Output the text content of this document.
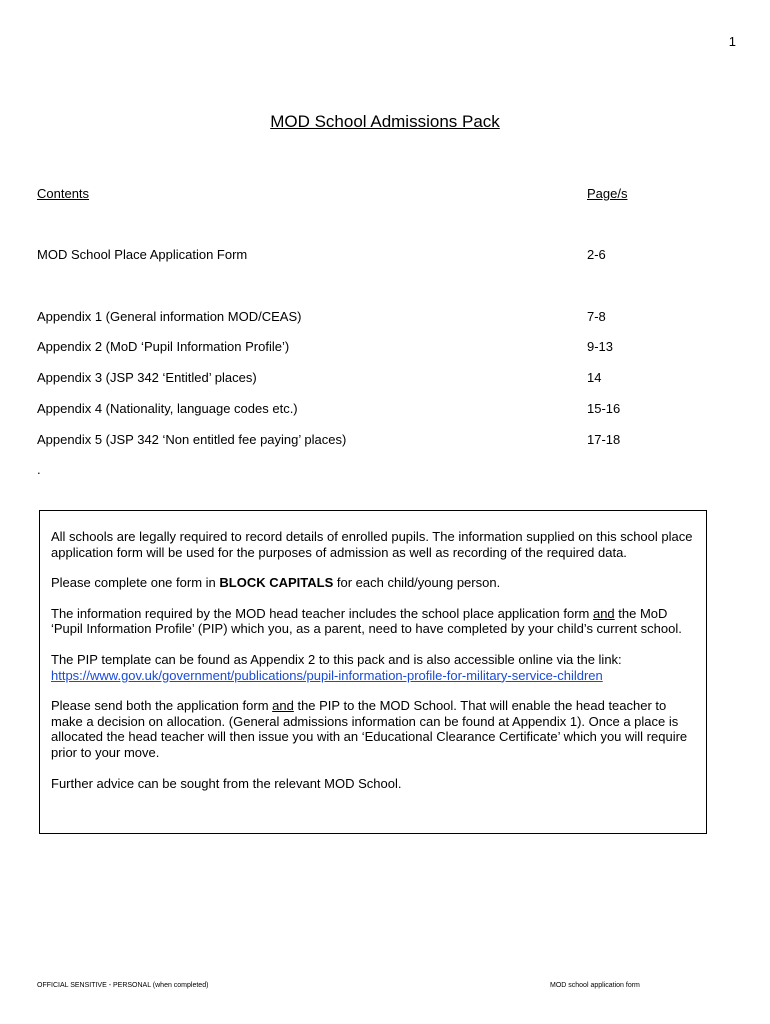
1
MOD School Admissions Pack
Contents	Page/s
MOD School Place Application Form	2-6
Appendix 1 (General information MOD/CEAS)	7-8
Appendix 2 (MoD ‘Pupil Information Profile’)	9-13
Appendix 3 (JSP 342 ‘Entitled’ places)	14
Appendix 4 (Nationality, language codes etc.)	15-16
Appendix 5 (JSP 342 ‘Non entitled fee paying’ places)	17-18
.

All schools are legally required to record details of enrolled pupils. The information supplied on this school place application form will be used for the purposes of admission as well as recording of the required data.

Please complete one form in BLOCK CAPITALS for each child/young person.

The information required by the MOD head teacher includes the school place application form and the MoD ‘Pupil Information Profile’ (PIP) which you, as a parent, need to have completed by your child’s current school.

The PIP template can be found as Appendix 2 to this pack and is also accessible online via the link:
https://www.gov.uk/government/publications/pupil-information-profile-for-military-service-children

Please send both the application form and the PIP to the MOD School. That will enable the head teacher to make a decision on allocation. (General admissions information can be found at Appendix 1). Once a place is allocated the head teacher will then issue you with an ‘Educational Clearance Certificate’ which you will require prior to your move.

Further advice can be sought from the relevant MOD School.

OFFICIAL SENSITIVE - PERSONAL (when completed)	MOD school application form
